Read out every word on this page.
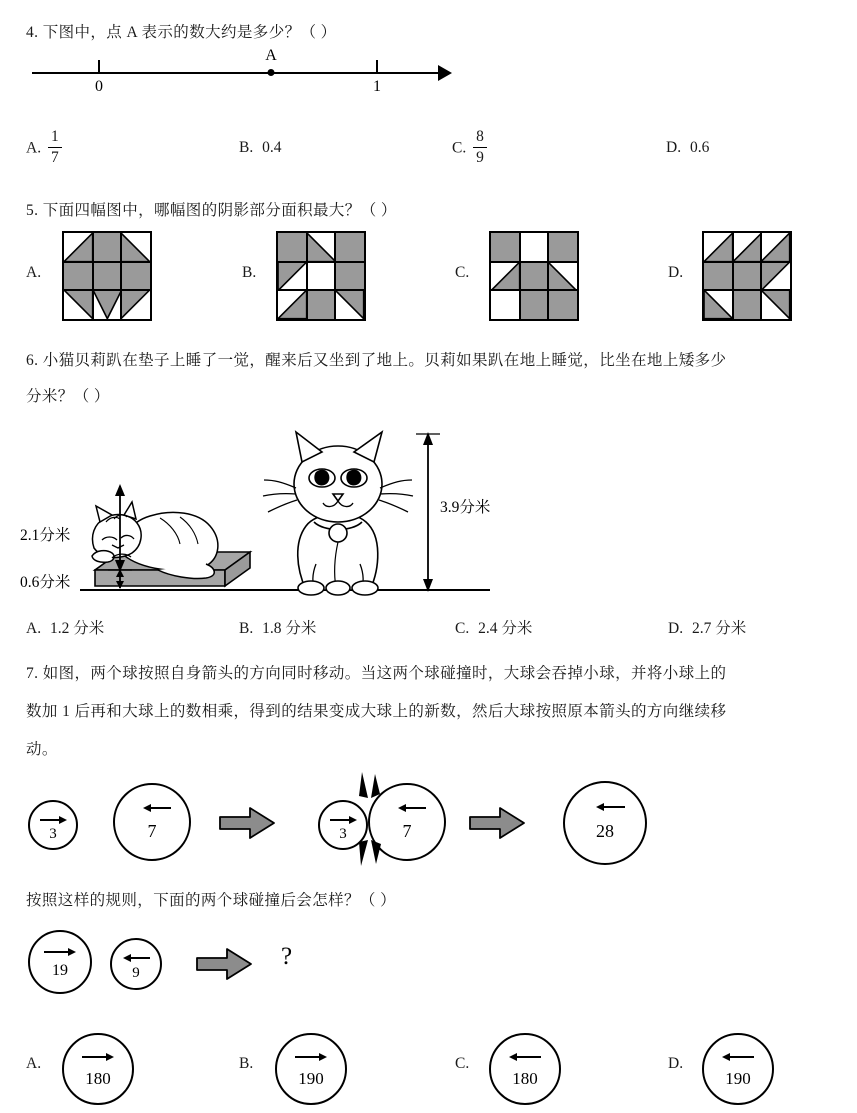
4. 下图中，点 A 表示的数大约是多少？（ ）
0	1
A
A. $\frac{1}{7}$	B. 0.4	C. $\frac{8}{9}$	D. 0.6
5. 下面四幅图中，哪幅图的阴影部分面积最大？（ ）
A.	B.	C.	D.
6. 小猫贝莉趴在垫子上睡了一觉，醒来后又坐到了地上。贝莉如果趴在地上睡觉，比坐在地上矮多少
分米？（ ）
2.1分米
0.6分米
3.9分米
A. 1.2 分米	B. 1.8 分米	C. 2.4 分米	D. 2.7 分米
7. 如图，两个球按照自身箭头的方向同时移动。当这两个球碰撞时，大球会吞掉小球，并将小球上的
数加 1 后再和大球上的数相乘，得到的结果变成大球上的新数，然后大球按照原本箭头的方向继续移
动。
3	7	3	7	28
按照这样的规则，下面的两个球碰撞后会怎样？（ ）
19	9
?
A.
180
B.
190
C.
180
D.
190
